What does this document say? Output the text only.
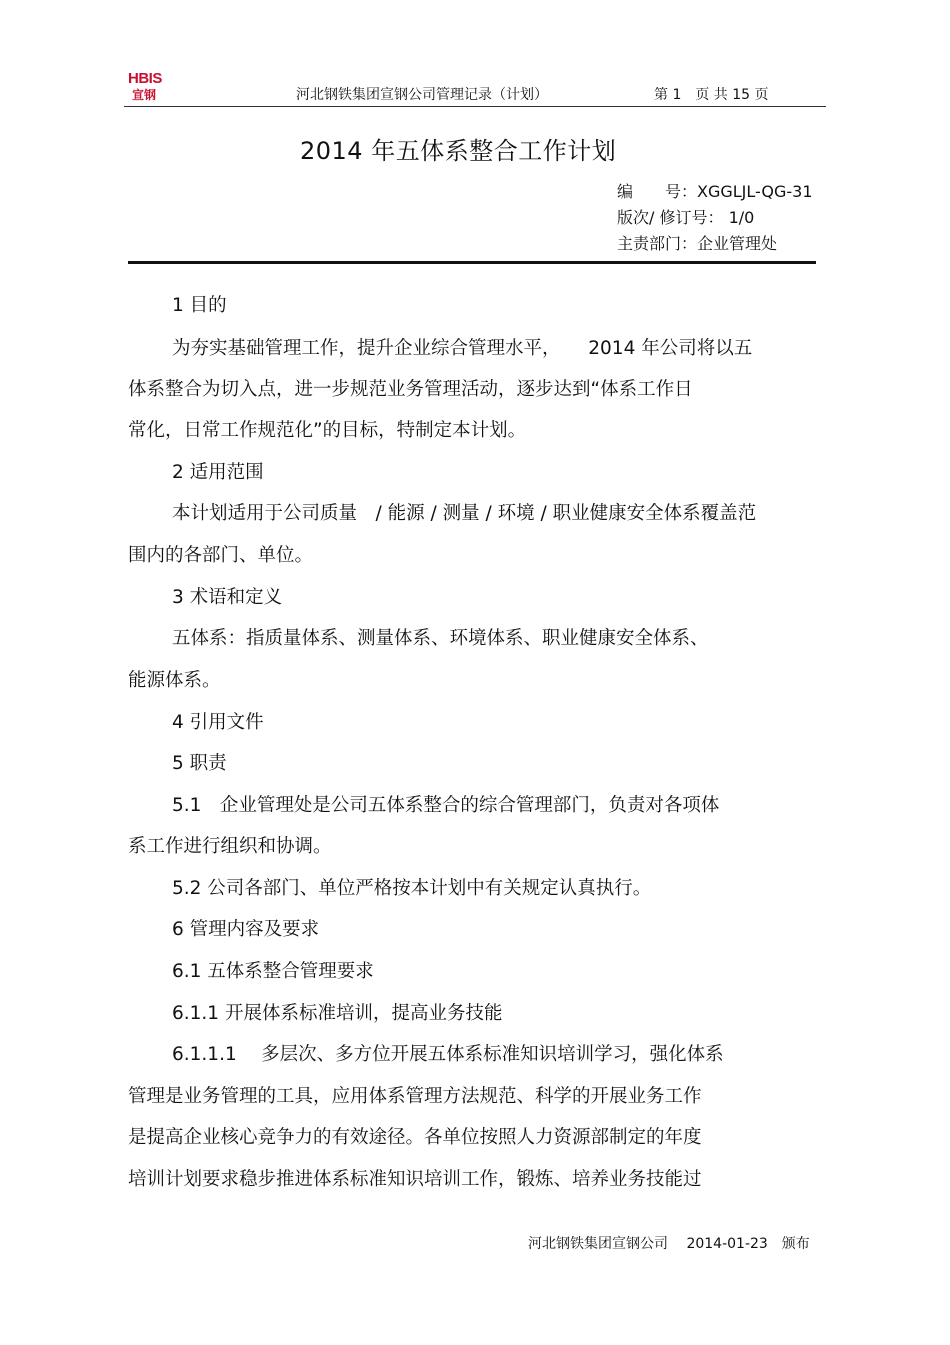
HBIS
宣钢	河北钢铁集团宣钢公司管理记录（计划）	第 1　页 共 15 页
2014 年五体系整合工作计划
编　　号：XGGLJL-QG-31
版次/ 修订号： 1/0
主责部门：企业管理处
1 目的
为夯实基础管理工作，提升企业综合管理水平，　　2014 年公司将以五
体系整合为切入点，进一步规范业务管理活动，逐步达到“体系工作日
常化，日常工作规范化”的目标，特制定本计划。
2 适用范围
本计划适用于公司质量　/ 能源 / 测量 / 环境 / 职业健康安全体系覆盖范
围内的各部门、单位。
3 术语和定义
五体系：指质量体系、测量体系、环境体系、职业健康安全体系、
能源体系。
4 引用文件
5 职责
5.1　企业管理处是公司五体系整合的综合管理部门，负责对各项体
系工作进行组织和协调。
5.2 公司各部门、单位严格按本计划中有关规定认真执行。
6 管理内容及要求
6.1 五体系整合管理要求
6.1.1 开展体系标准培训，提高业务技能
6.1.1.1　 多层次、多方位开展五体系标准知识培训学习，强化体系
管理是业务管理的工具，应用体系管理方法规范、科学的开展业务工作
是提高企业核心竞争力的有效途径。各单位按照人力资源部制定的年度
培训计划要求稳步推进体系标准知识培训工作，锻炼、培养业务技能过
河北钢铁集团宣钢公司　 2014-01-23　颁布
